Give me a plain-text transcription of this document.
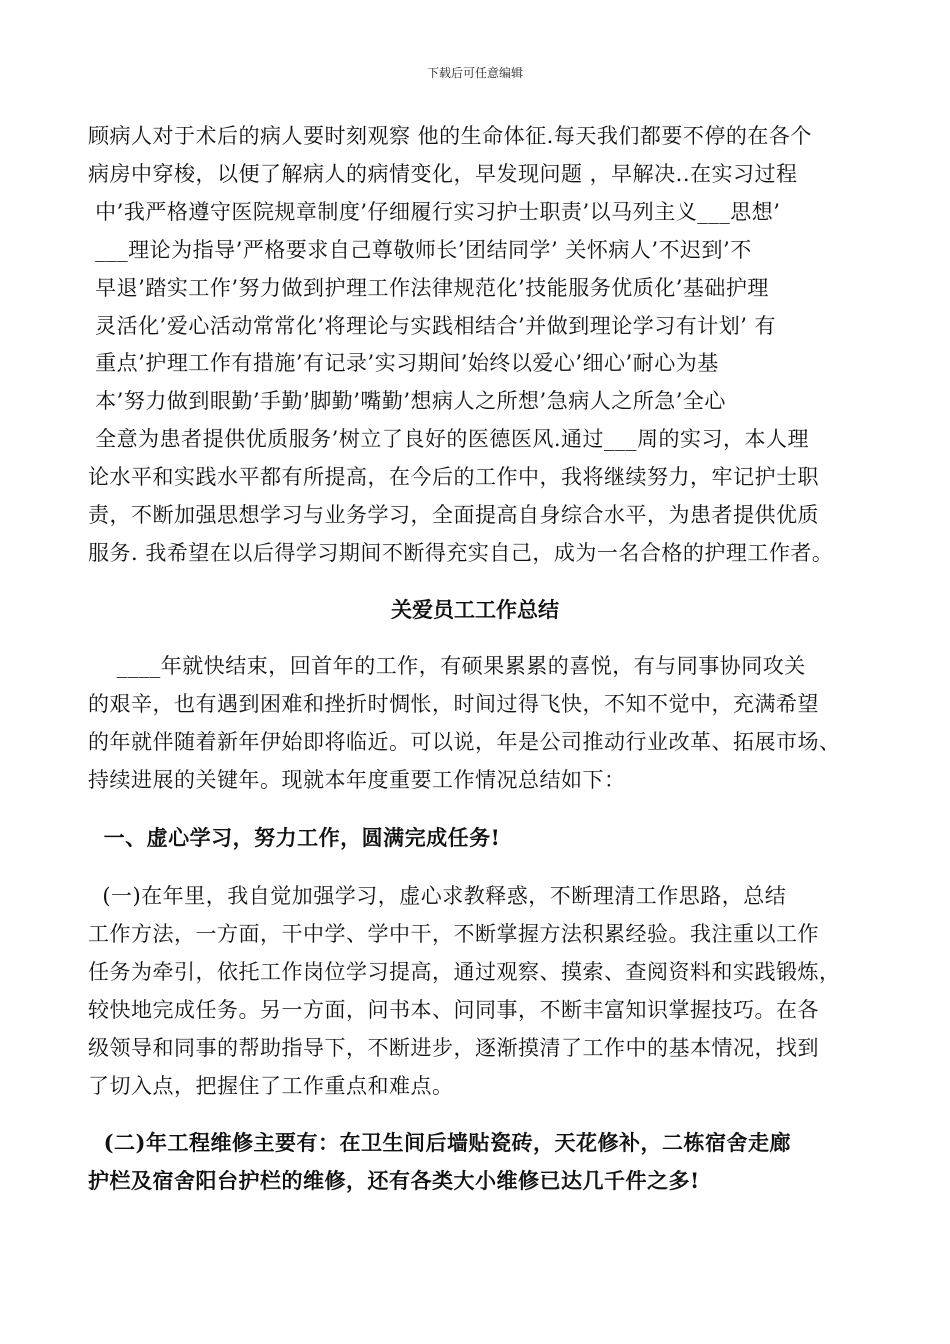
下载后可任意编辑
顾病人对于术后的病人要时刻观察 他的生命体征.每天我们都要不停的在各个
病房中穿梭，以便了解病人的病情变化，早发现问题 ，早解决..在实习过程
中’我严格遵守医院规章制度’仔细履行实习护士职责’以马列主义___思想’
___理论为指导’严格要求自己尊敬师长’团结同学’ 关怀病人’不迟到’不
早退’踏实工作’努力做到护理工作法律规范化’技能服务优质化’基础护理
灵活化’爱心活动常常化’将理论与实践相结合’并做到理论学习有计划’ 有
重点’护理工作有措施’有记录’实习期间’始终以爱心’细心’耐心为基
本’努力做到眼勤’手勤’脚勤’嘴勤’想病人之所想’急病人之所急’全心
全意为患者提供优质服务’树立了良好的医德医风.通过___周的实习，本人理
论水平和实践水平都有所提高，在今后的工作中，我将继续努力，牢记护士职
责，不断加强思想学习与业务学习，全面提高自身综合水平，为患者提供优质
服务. 我希望在以后得学习期间不断得充实自己，成为一名合格的护理工作者。
关爱员工工作总结
____年就快结束，回首年的工作，有硕果累累的喜悦，有与同事协同攻关
的艰辛，也有遇到困难和挫折时惆怅，时间过得飞快，不知不觉中，充满希望
的年就伴随着新年伊始即将临近。可以说，年是公司推动行业改革、拓展市场、
持续进展的关键年。现就本年度重要工作情况总结如下：
一、虚心学习，努力工作，圆满完成任务!
(一)在年里，我自觉加强学习，虚心求教释惑，不断理清工作思路，总结
工作方法，一方面，干中学、学中干，不断掌握方法积累经验。我注重以工作
任务为牵引，依托工作岗位学习提高，通过观察、摸索、查阅资料和实践锻炼，
较快地完成任务。另一方面，问书本、问同事，不断丰富知识掌握技巧。在各
级领导和同事的帮助指导下，不断进步，逐渐摸清了工作中的基本情况，找到
了切入点，把握住了工作重点和难点。
(二)年工程维修主要有：在卫生间后墙贴瓷砖，天花修补，二栋宿舍走廊
护栏及宿舍阳台护栏的维修，还有各类大小维修已达几千件之多!
